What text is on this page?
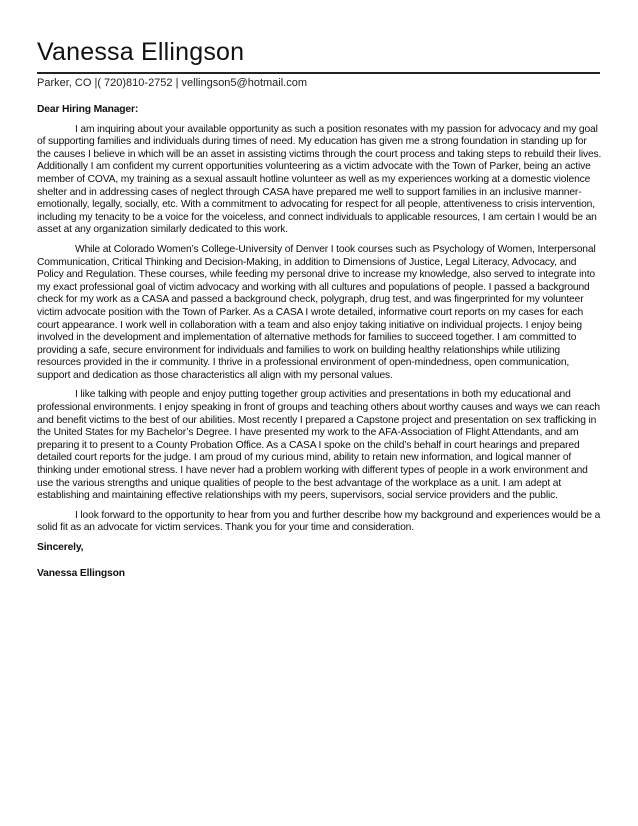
Vanessa Ellingson
Parker, CO |( 720)810-2752 | vellingson5@hotmail.com

Dear Hiring Manager:

I am inquiring about your available opportunity as such a position resonates with my passion for advocacy and my goal of supporting families and individuals during times of need. My education has given me a strong foundation in standing up for the causes I believe in which will be an asset in assisting victims through the court process and taking steps to rebuild their lives. Additionally I am confident my current opportunities volunteering as a victim advocate with the Town of Parker, being an active member of COVA, my training as a sexual assault hotline volunteer as well as my experiences working at a domestic violence shelter and in addressing cases of neglect through CASA have prepared me well to support families in an inclusive manner- emotionally, legally, socially, etc. With a commitment to advocating for respect for all people, attentiveness to crisis intervention, including my tenacity to be a voice for the voiceless, and connect individuals to applicable resources, I am certain I would be an asset at any organization similarly dedicated to this work.

While at Colorado Women’s College-University of Denver I took courses such as Psychology of Women, Interpersonal Communication, Critical Thinking and Decision-Making, in addition to Dimensions of Justice, Legal Literacy, Advocacy, and Policy and Regulation. These courses, while feeding my personal drive to increase my knowledge, also served to integrate into my exact professional goal of victim advocacy and working with all cultures and populations of people. I passed a background check for my work as a CASA and passed a background check, polygraph, drug test, and was fingerprinted for my volunteer victim advocate position with the Town of Parker. As a CASA I wrote detailed, informative court reports on my cases for each court appearance. I work well in collaboration with a team and also enjoy taking initiative on individual projects. I enjoy being involved in the development and implementation of alternative methods for families to succeed together. I am committed to providing a safe, secure environment for individuals and families to work on building healthy relationships while utilizing resources provided in the ir community. I thrive in a professional environment of open-mindedness, open communication, support and dedication as those characteristics all align with my personal values.

I like talking with people and enjoy putting together group activities and presentations in both my educational and professional environments. I enjoy speaking in front of groups and teaching others about worthy causes and ways we can reach and benefit victims to the best of our abilities. Most recently I prepared a Capstone project and presentation on sex trafficking in the United States for my Bachelor’s Degree. I have presented my work to the AFA-Association of Flight Attendants, and am preparing it to present to a County Probation Office. As a CASA I spoke on the child’s behalf in court hearings and prepared detailed court reports for the judge. I am proud of my curious mind, ability to retain new information, and logical manner of thinking under emotional stress. I have never had a problem working with different types of people in a work environment and use the various strengths and unique qualities of people to the best advantage of the workplace as a unit. I am adept at establishing and maintaining effective relationships with my peers, supervisors, social service providers and the public.

I look forward to the opportunity to hear from you and further describe how my background and experiences would be a solid fit as an advocate for victim services. Thank you for your time and consideration.

Sincerely,

Vanessa Ellingson
